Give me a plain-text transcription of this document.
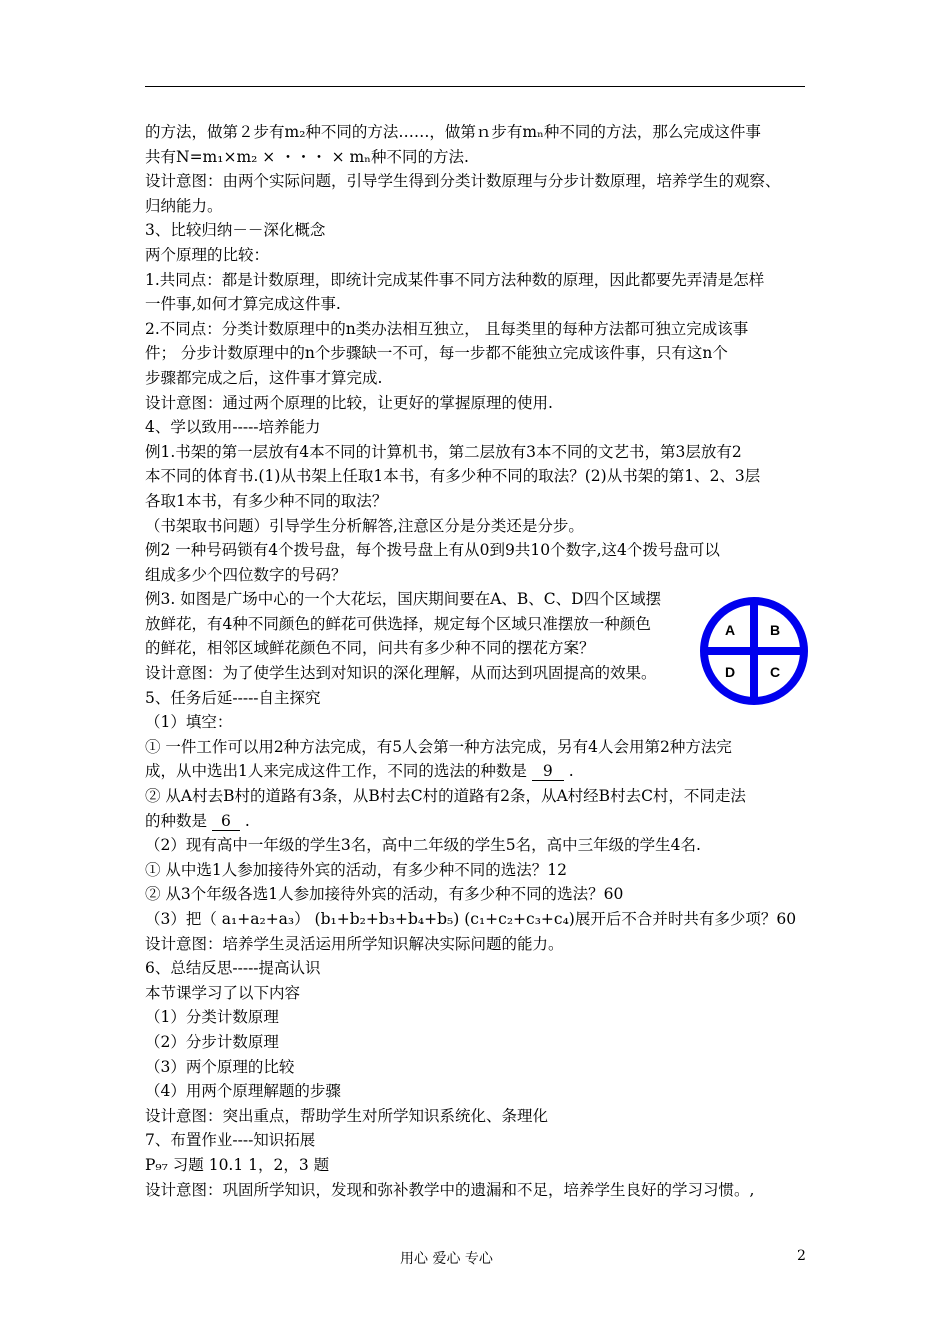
的方法，做第２步有m₂种不同的方法‥‥‥，做第ｎ步有mₙ种不同的方法，那么完成这件事
共有N=m₁×m₂ × ・・・ × mₙ种不同的方法.
设计意图：由两个实际问题，引导学生得到分类计数原理与分步计数原理，培养学生的观察、
归纳能力。
3、比较归纳－－深化概念
两个原理的比较：
1.共同点：都是计数原理，即统计完成某件事不同方法种数的原理，因此都要先弄清是怎样
一件事,如何才算完成这件事.
2.不同点：分类计数原理中的n类办法相互独立， 且每类里的每种方法都可独立完成该事
件； 分步计数原理中的n个步骤缺一不可，每一步都不能独立完成该件事，只有这n个
步骤都完成之后，这件事才算完成.
设计意图：通过两个原理的比较，让更好的掌握原理的使用.
4、学以致用-----培养能力
例1.书架的第一层放有4本不同的计算机书，第二层放有3本不同的文艺书，第3层放有2
本不同的体育书.(1)从书架上任取1本书，有多少种不同的取法？(2)从书架的第1、2、3层
各取1本书，有多少种不同的取法？
（书架取书问题）引导学生分析解答,注意区分是分类还是分步。
例2 一种号码锁有4个拨号盘，每个拨号盘上有从0到9共10个数字,这4个拨号盘可以
组成多少个四位数字的号码？
例3. 如图是广场中心的一个大花坛，国庆期间要在A、B、C、D四个区域摆
放鲜花，有4种不同颜色的鲜花可供选择，规定每个区域只准摆放一种颜色
的鲜花，相邻区域鲜花颜色不同，问共有多少种不同的摆花方案？
设计意图：为了使学生达到对知识的深化理解，从而达到巩固提高的效果。
5、任务后延-----自主探究
（1）填空：
① 一件工作可以用2种方法完成，有5人会第一种方法完成，另有4人会用第2种方法完
成，从中选出1人来完成这件工作，不同的选法的种数是 9 .
② 从A村去B村的道路有3条，从B村去C村的道路有2条，从A村经B村去C村，不同走法
的种数是 6 .
（2）现有高中一年级的学生3名，高中二年级的学生5名，高中三年级的学生4名.
① 从中选1人参加接待外宾的活动，有多少种不同的选法？12
② 从3个年级各选1人参加接待外宾的活动，有多少种不同的选法？60
（3）把（ a₁+a₂+a₃） (b₁+b₂+b₃+b₄+b₅) (c₁+c₂+c₃+c₄)展开后不合并时共有多少项？60
设计意图：培养学生灵活运用所学知识解决实际问题的能力。
6、总结反思-----提高认识
本节课学习了以下内容
（1）分类计数原理
（2）分步计数原理
（3）两个原理的比较
（4）用两个原理解题的步骤
设计意图：突出重点，帮助学生对所学知识系统化、条理化
7、布置作业----知识拓展
P₉₇ 习题 10.1 1，2，3 题
设计意图：巩固所学知识，发现和弥补教学中的遗漏和不足，培养学生良好的学习习惯。,
A B
D C
用心 爱心 专心	2
